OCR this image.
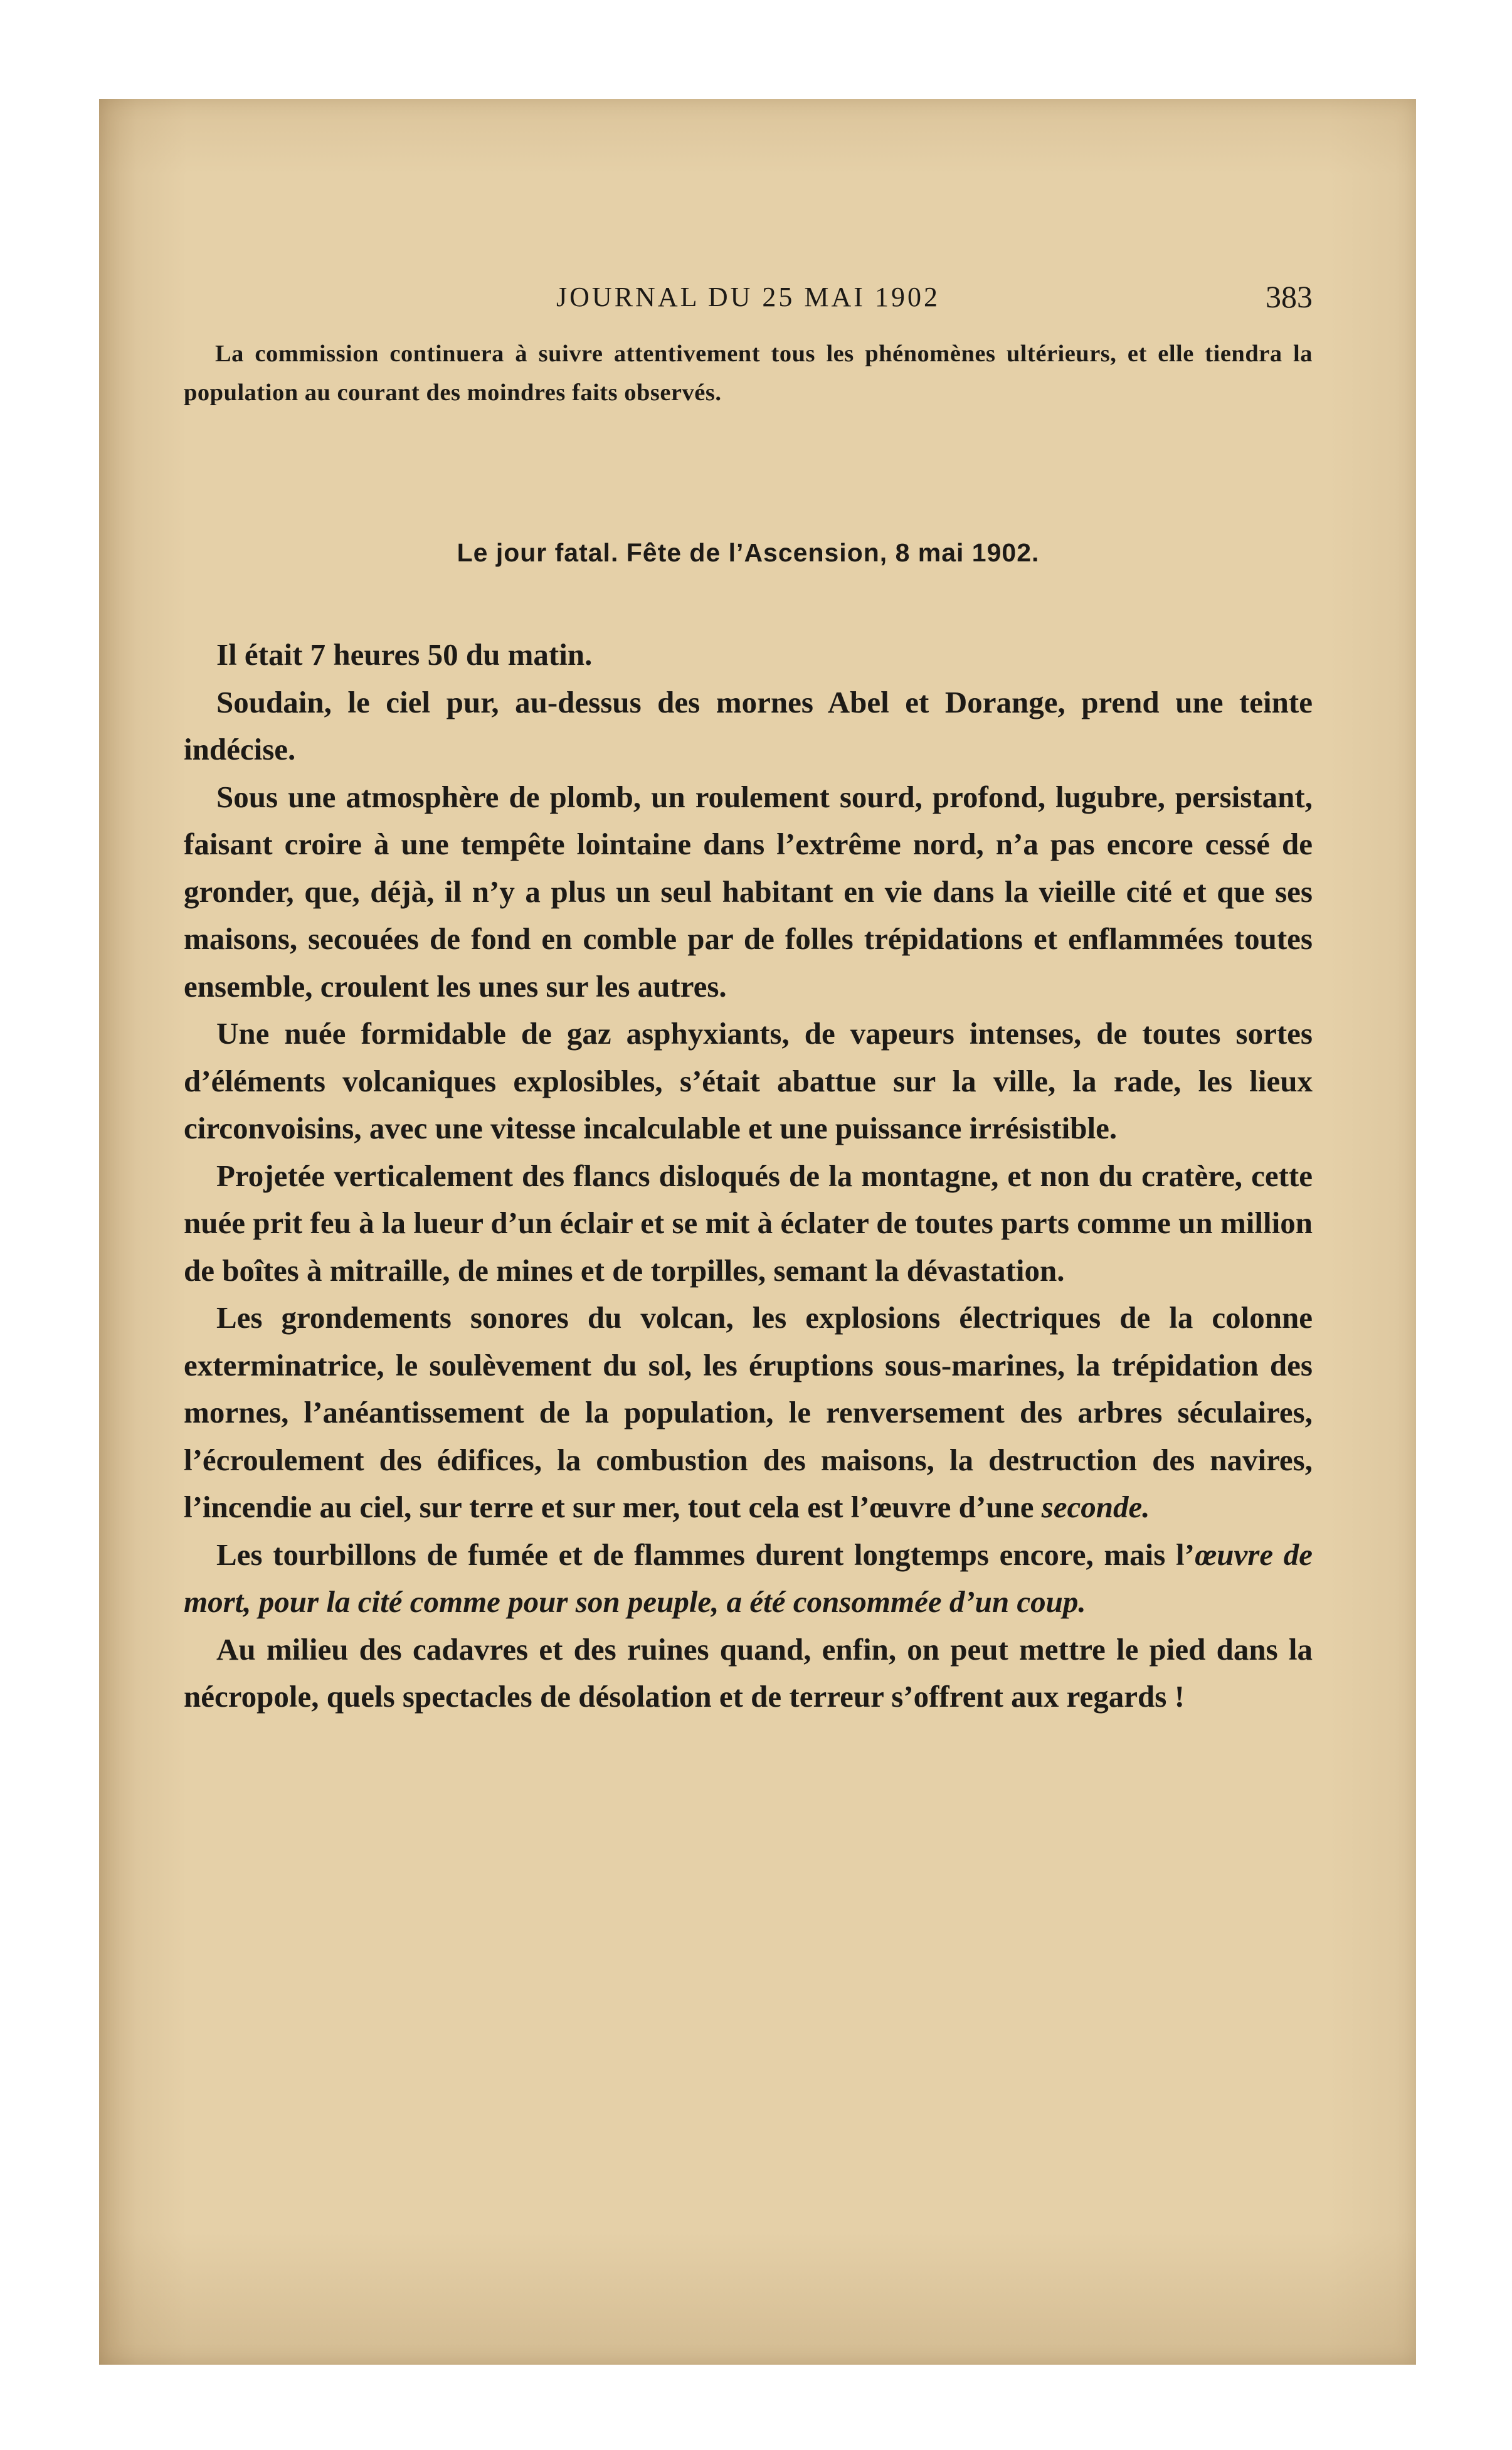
JOURNAL DU 25 MAI 1902	383
La commission continuera à suivre attentivement tous les phénomènes ultérieurs, et elle tiendra la population au courant des moindres faits observés.
Le jour fatal. Fête de l’Ascension, 8 mai 1902.

Il était 7 heures 50 du matin.

Soudain, le ciel pur, au-dessus des mornes Abel et Dorange, prend une teinte indécise.

Sous une atmosphère de plomb, un roulement sourd, profond, lugubre, persistant, faisant croire à une tempête lointaine dans l’extrême nord, n’a pas encore cessé de gronder, que, déjà, il n’y a plus un seul habitant en vie dans la vieille cité et que ses maisons, secouées de fond en comble par de folles trépidations et enflammées toutes ensemble, croulent les unes sur les autres.

Une nuée formidable de gaz asphyxiants, de vapeurs intenses, de toutes sortes d’éléments volcaniques explosibles, s’était abattue sur la ville, la rade, les lieux circonvoisins, avec une vitesse incalculable et une puissance irrésistible.

Projetée verticalement des flancs disloqués de la montagne, et non du cratère, cette nuée prit feu à la lueur d’un éclair et se mit à éclater de toutes parts comme un million de boîtes à mitraille, de mines et de torpilles, semant la dévastation.

Les grondements sonores du volcan, les explosions électriques de la colonne exterminatrice, le soulèvement du sol, les éruptions sous-marines, la trépidation des mornes, l’anéantissement de la population, le renversement des arbres séculaires, l’écroulement des édifices, la combustion des maisons, la destruction des navires, l’incendie au ciel, sur terre et sur mer, tout cela est l’œuvre d’une seconde.

Les tourbillons de fumée et de flammes durent longtemps encore, mais l’œuvre de mort, pour la cité comme pour son peuple, a été consommée d’un coup.

Au milieu des cadavres et des ruines quand, enfin, on peut mettre le pied dans la nécropole, quels spectacles de désolation et de terreur s’offrent aux regards !
